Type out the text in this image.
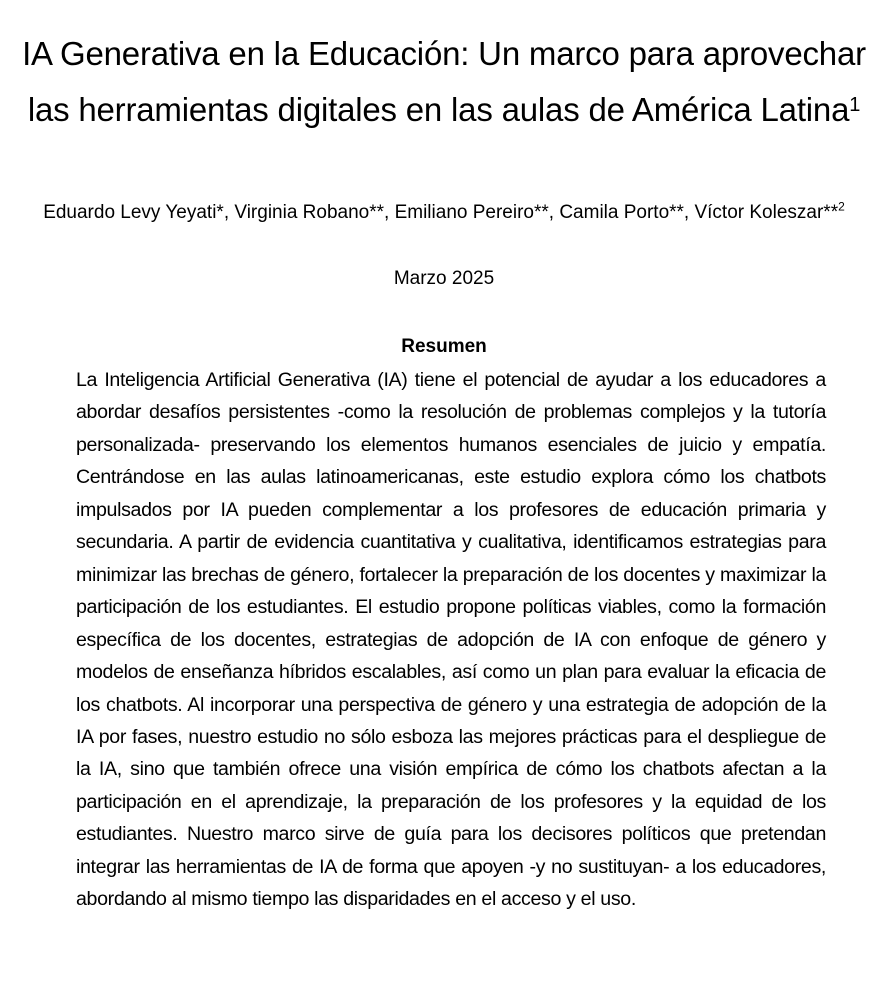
IA Generativa en la Educación: Un marco para aprovechar las herramientas digitales en las aulas de América Latina$^1$
Eduardo Levy Yeyati*, Virginia Robano**, Emiliano Pereiro**, Camila Porto**, Víctor Koleszar**$^2$
Marzo 2025
Resumen

La Inteligencia Artificial Generativa (IA) tiene el potencial de ayudar a los educadores a abordar desafíos persistentes -como la resolución de problemas complejos y la tutoría personalizada- preservando los elementos humanos esenciales de juicio y empatía. Centrándose en las aulas latinoamericanas, este estudio explora cómo los chatbots impulsados por IA pueden complementar a los profesores de educación primaria y secundaria. A partir de evidencia cuantitativa y cualitativa, identificamos estrategias para minimizar las brechas de género, fortalecer la preparación de los docentes y maximizar la participación de los estudiantes. El estudio propone políticas viables, como la formación específica de los docentes, estrategias de adopción de IA con enfoque de género y modelos de enseñanza híbridos escalables, así como un plan para evaluar la eficacia de los chatbots. Al incorporar una perspectiva de género y una estrategia de adopción de la IA por fases, nuestro estudio no sólo esboza las mejores prácticas para el despliegue de la IA, sino que también ofrece una visión empírica de cómo los chatbots afectan a la participación en el aprendizaje, la preparación de los profesores y la equidad de los estudiantes. Nuestro marco sirve de guía para los decisores políticos que pretendan integrar las herramientas de IA de forma que apoyen -y no sustituyan- a los educadores, abordando al mismo tiempo las disparidades en el acceso y el uso.
